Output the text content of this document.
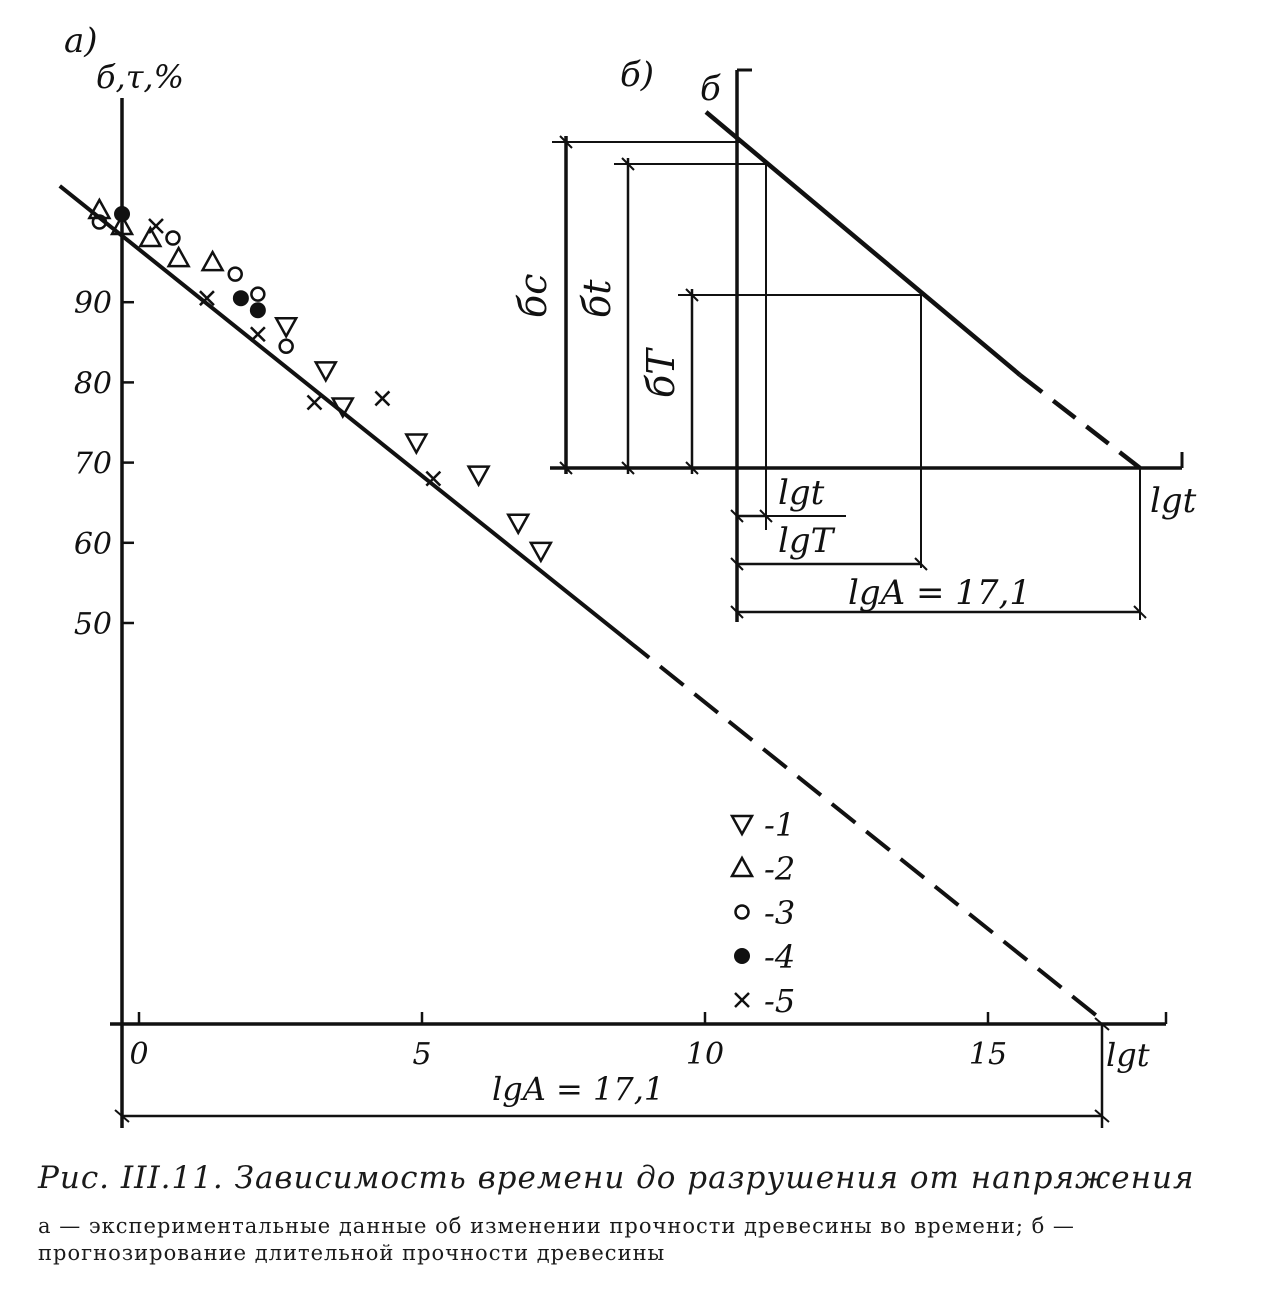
а)
б,τ,%
90
80
70
60
50
0	5	10	15	lgt
lgA = 17,1
-1
-2
-3
-4
-5
б) б
lgt
бс бt
бT
lgt
lgT
lgA = 17,1
Рис. III.11. Зависимость времени до разрушения от напряжения
а — экспериментальные данные об изменении прочности древесины во времени; б — прогнозирование длительной прочности древесины
